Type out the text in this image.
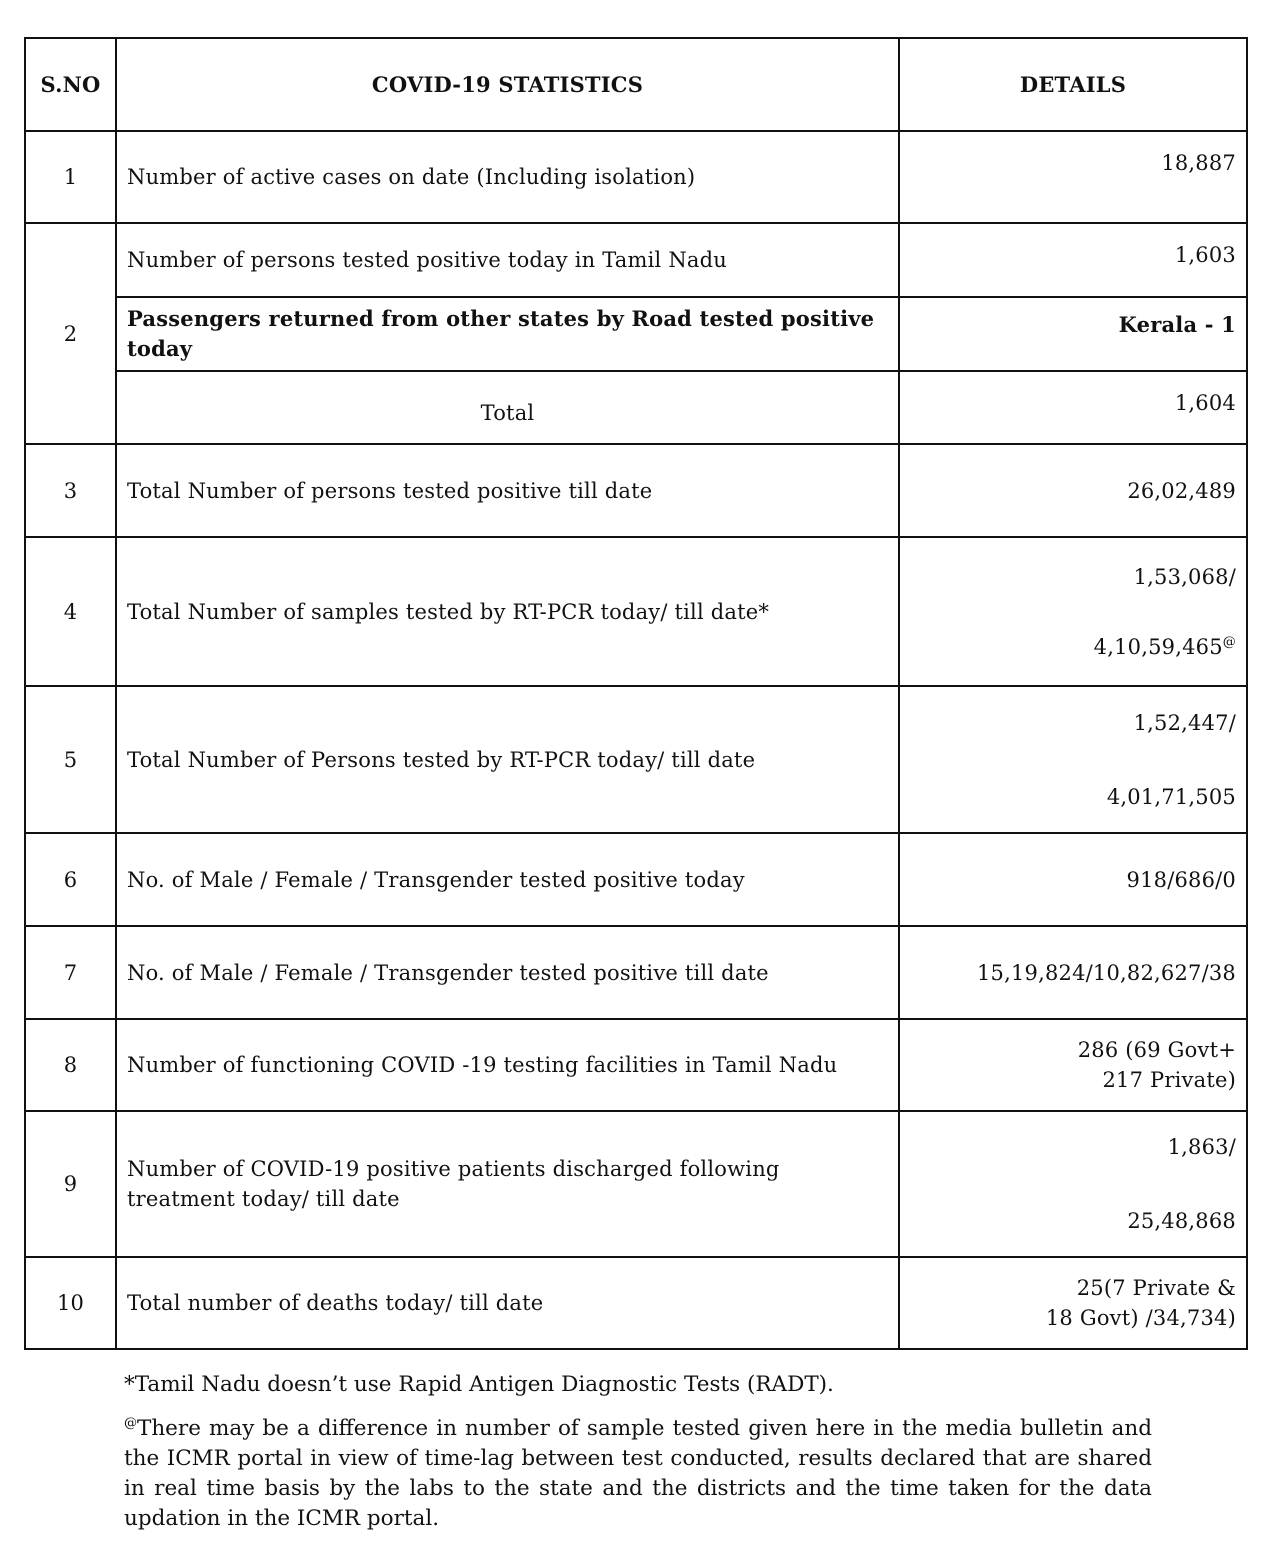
S.NO	COVID-19 STATISTICS	DETAILS
1	Number of active cases on date (Including isolation)	18,887
2	Number of persons tested positive today in Tamil Nadu	1,603
	Passengers returned from other states by Road tested positive today	Kerala - 1
	Total	1,604
3	Total Number of persons tested positive till date	26,02,489
4	Total Number of samples tested by RT-PCR today/ till date*	1,53,068/
4,10,59,465@

5	Total Number of Persons tested by RT-PCR today/ till date	1,52,447/
4,01,71,505

6	No. of Male / Female / Transgender tested positive today	918/686/0
7	No. of Male / Female / Transgender tested positive till date	15,19,824/10,82,627/38
8	Number of functioning COVID -19 testing facilities in Tamil Nadu	286 (69 Govt+
217 Private)

9	Number of COVID-19 positive patients discharged following treatment today/ till date	1,863/
25,48,868

10	Total number of deaths today/ till date	25(7 Private &
18 Govt) /34,734)

*Tamil Nadu doesn’t use Rapid Antigen Diagnostic Tests (RADT).

@There may be a difference in number of sample tested given here in the media bulletin and the ICMR portal in view of time-lag between test conducted, results declared that are shared in real time basis by the labs to the state and the districts and the time taken for the data updation in the ICMR portal.
